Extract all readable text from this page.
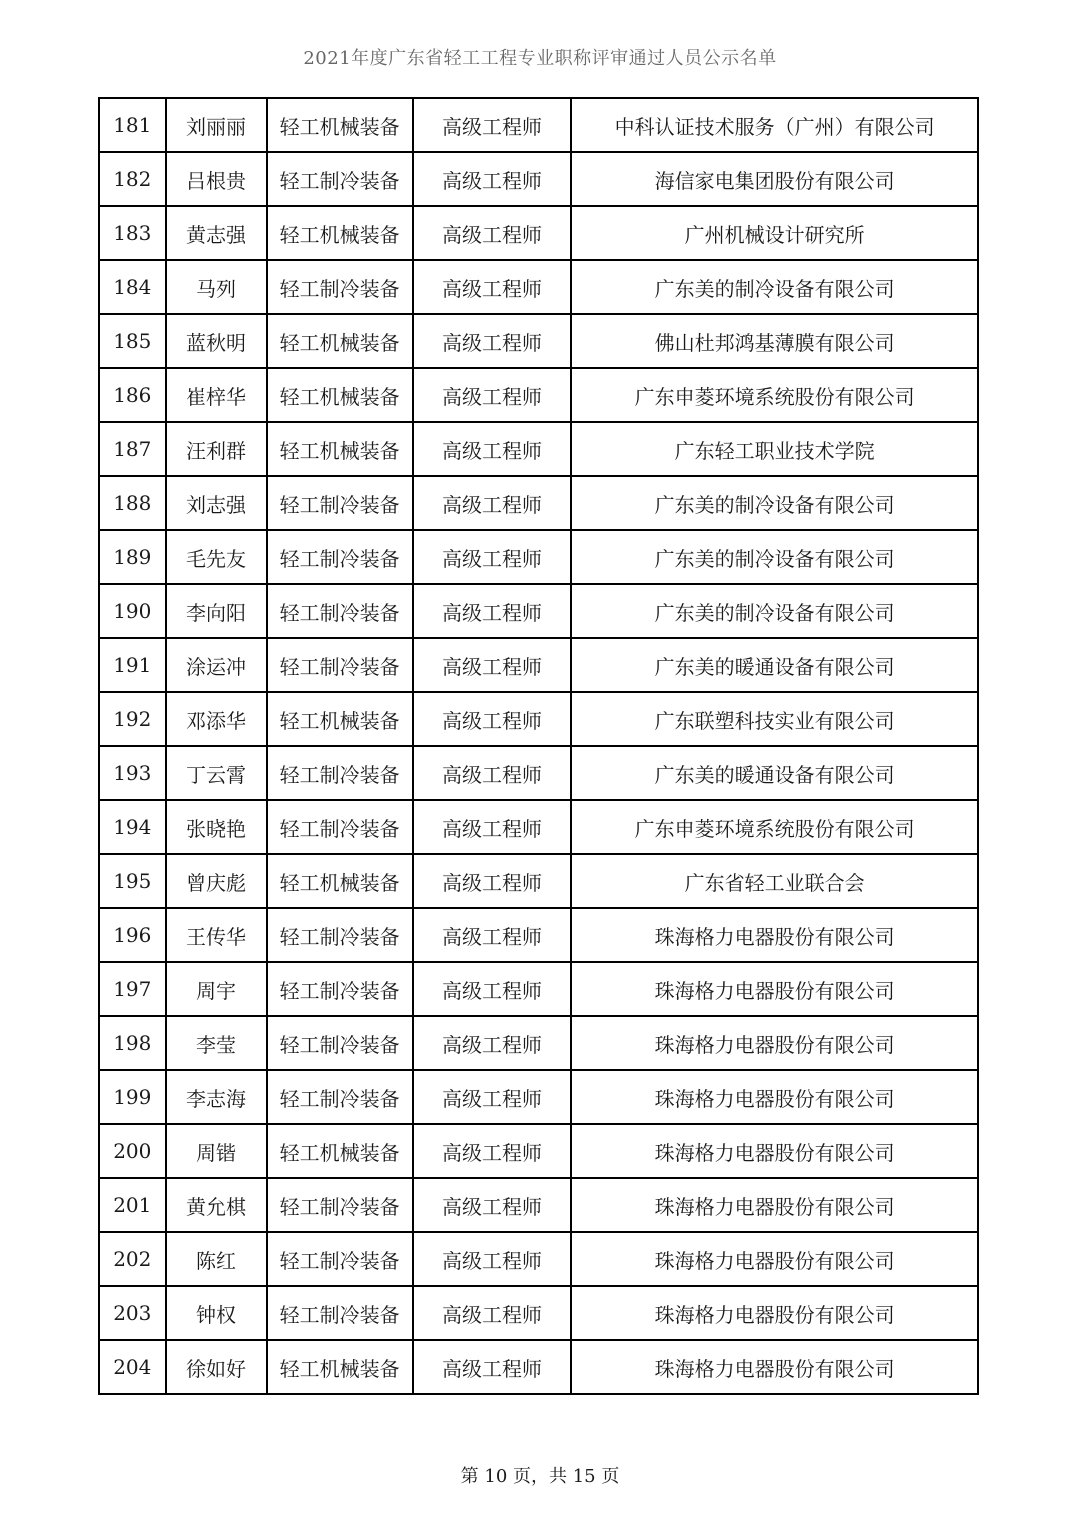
2021年度广东省轻工工程专业职称评审通过人员公示名单
181	刘丽丽	轻工机械装备	高级工程师	中科认证技术服务（广州）有限公司
182	吕根贵	轻工制冷装备	高级工程师	海信家电集团股份有限公司
183	黄志强	轻工机械装备	高级工程师	广州机械设计研究所
184	马列	轻工制冷装备	高级工程师	广东美的制冷设备有限公司
185	蓝秋明	轻工机械装备	高级工程师	佛山杜邦鸿基薄膜有限公司
186	崔梓华	轻工机械装备	高级工程师	广东申菱环境系统股份有限公司
187	汪利群	轻工机械装备	高级工程师	广东轻工职业技术学院
188	刘志强	轻工制冷装备	高级工程师	广东美的制冷设备有限公司
189	毛先友	轻工制冷装备	高级工程师	广东美的制冷设备有限公司
190	李向阳	轻工制冷装备	高级工程师	广东美的制冷设备有限公司
191	涂运冲	轻工制冷装备	高级工程师	广东美的暖通设备有限公司
192	邓添华	轻工机械装备	高级工程师	广东联塑科技实业有限公司
193	丁云霄	轻工制冷装备	高级工程师	广东美的暖通设备有限公司
194	张晓艳	轻工制冷装备	高级工程师	广东申菱环境系统股份有限公司
195	曾庆彪	轻工机械装备	高级工程师	广东省轻工业联合会
196	王传华	轻工制冷装备	高级工程师	珠海格力电器股份有限公司
197	周宇	轻工制冷装备	高级工程师	珠海格力电器股份有限公司
198	李莹	轻工制冷装备	高级工程师	珠海格力电器股份有限公司
199	李志海	轻工制冷装备	高级工程师	珠海格力电器股份有限公司
200	周锴	轻工机械装备	高级工程师	珠海格力电器股份有限公司
201	黄允棋	轻工制冷装备	高级工程师	珠海格力电器股份有限公司
202	陈红	轻工制冷装备	高级工程师	珠海格力电器股份有限公司
203	钟权	轻工制冷装备	高级工程师	珠海格力电器股份有限公司
204	徐如好	轻工机械装备	高级工程师	珠海格力电器股份有限公司
第 10 页，共 15 页
